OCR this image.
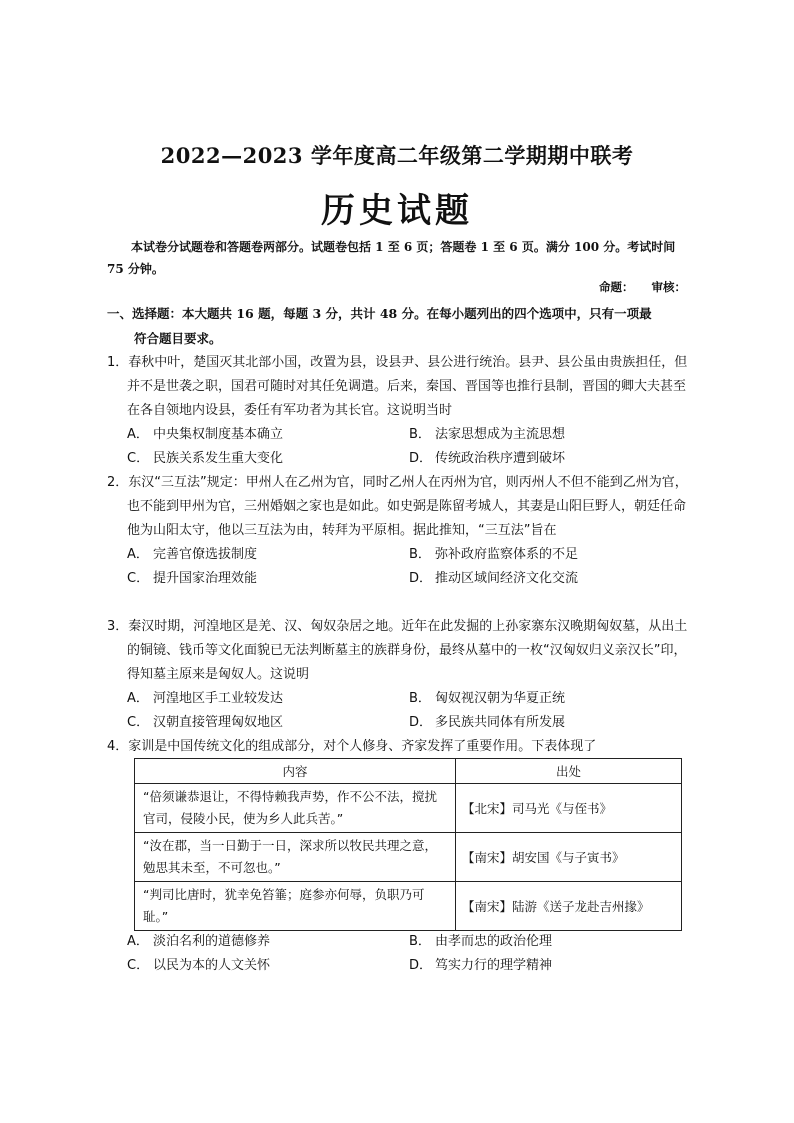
2022—2023 学年度高二年级第二学期期中联考
历史试题
本试卷分试题卷和答题卷两部分。试题卷包括 1 至 6 页；答题卷 1 至 6 页。满分 100 分。考试时间 75 分钟。
命题： 审核：
一、选择题：本大题共 16 题，每题 3 分，共计 48 分。在每小题列出的四个选项中，只有一项最
符合题目要求。
1．春秋中叶，楚国灭其北部小国，改置为县，设县尹、县公进行统治。县尹、县公虽由贵族担任，但并不是世袭之职，国君可随时对其任免调遣。后来，秦国、晋国等也推行县制，晋国的卿大夫甚至在各自领地内设县，委任有军功者为其长官。这说明当时
A． 中央集权制度基本确立	B． 法家思想成为主流思想
C． 民族关系发生重大变化	D． 传统政治秩序遭到破坏
2．东汉“三互法”规定：甲州人在乙州为官，同时乙州人在丙州为官，则丙州人不但不能到乙州为官，也不能到甲州为官，三州婚姻之家也是如此。如史弼是陈留考城人，其妻是山阳巨野人，朝廷任命他为山阳太守，他以三互法为由，转拜为平原相。据此推知，“三互法”旨在
A． 完善官僚选拔制度	B． 弥补政府监察体系的不足
C． 提升国家治理效能	D． 推动区域间经济文化交流
3．秦汉时期，河湟地区是羌、汉、匈奴杂居之地。近年在此发掘的上孙家寨东汉晚期匈奴墓，从出土的铜镜、钱币等文化面貌已无法判断墓主的族群身份，最终从墓中的一枚“汉匈奴归义亲汉长”印，得知墓主原来是匈奴人。这说明
A． 河湟地区手工业较发达	B． 匈奴视汉朝为华夏正统
C． 汉朝直接管理匈奴地区	D． 多民族共同体有所发展
4．家训是中国传统文化的组成部分，对个人修身、齐家发挥了重要作用。下表体现了
内容	出处
“倍须谦恭退让，不得恃赖我声势，作不公不法，搅扰官司，侵陵小民，使为乡人此兵苦。”	【北宋】司马光《与侄书》
“汝在郡，当一日勤于一日，深求所以牧民共理之意，勉思其未至，不可忽也。”	【南宋】胡安国《与子寅书》
“判司比唐时，犹幸免笞箠；庭参亦何辱，负职乃可耻。”	【南宋】陆游《送子龙赴吉州掾》
A． 淡泊名利的道德修养	B． 由孝而忠的政治伦理
C． 以民为本的人文关怀	D． 笃实力行的理学精神
